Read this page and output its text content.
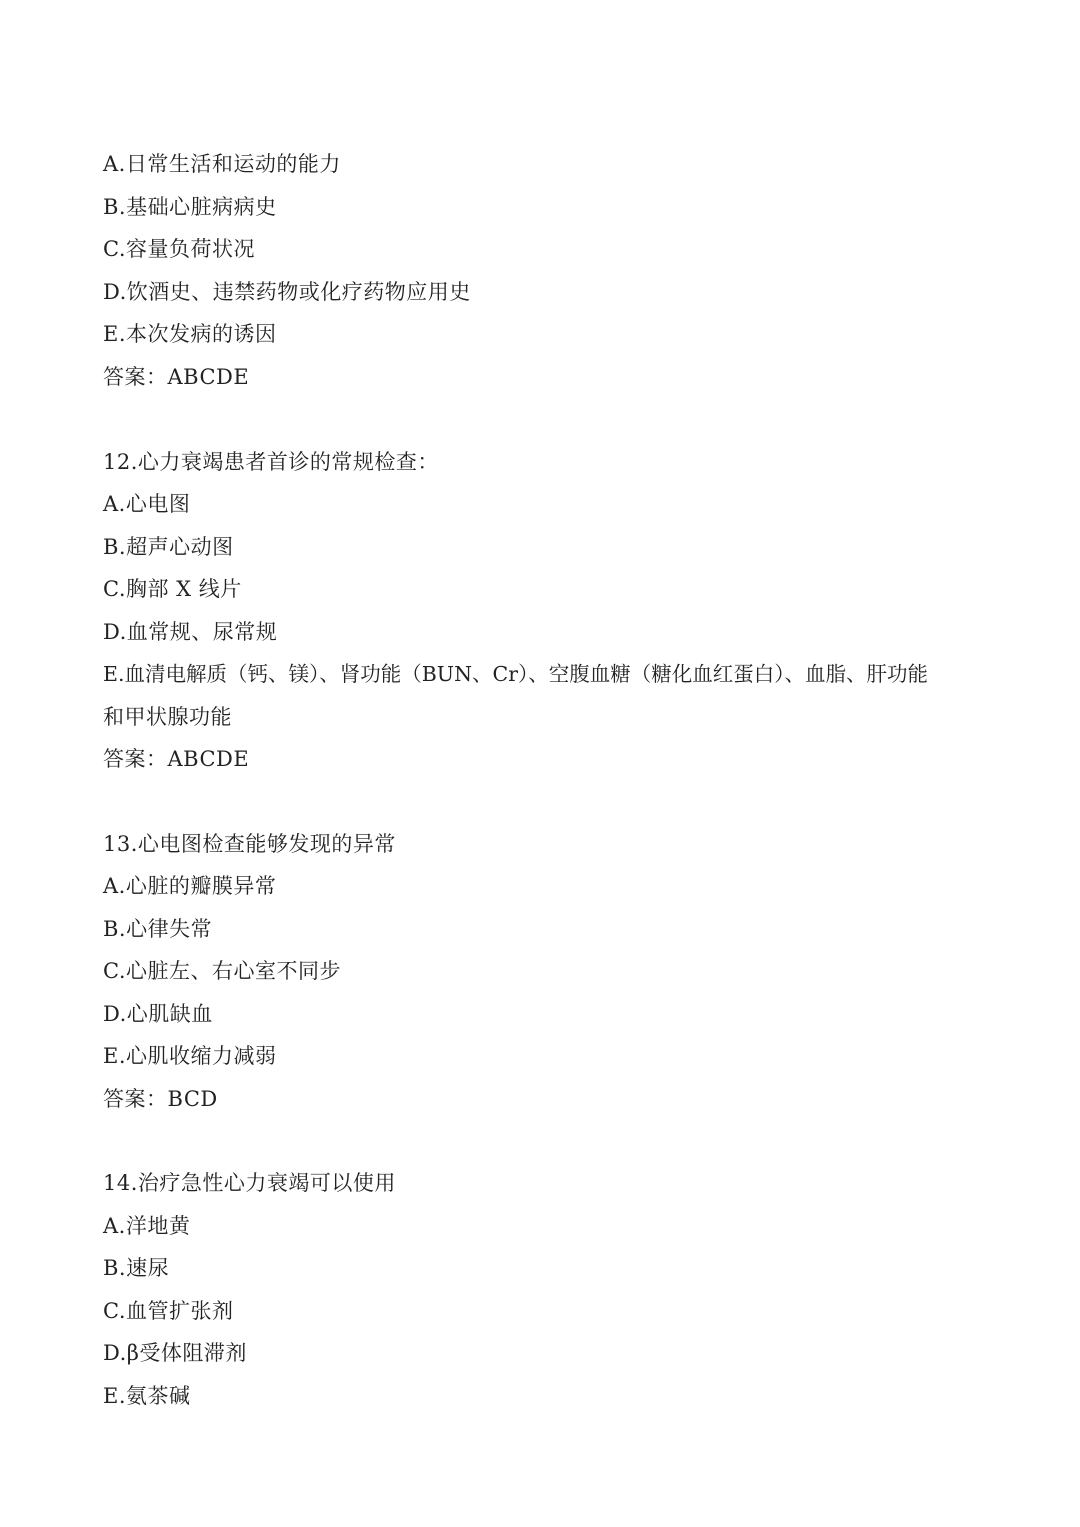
A.日常生活和运动的能力
B.基础心脏病病史
C.容量负荷状况
D.饮酒史、违禁药物或化疗药物应用史
E.本次发病的诱因
答案：ABCDE
12.心力衰竭患者首诊的常规检查：
A.心电图
B.超声心动图
C.胸部 X 线片
D.血常规、尿常规
E.血清电解质（钙、镁）、肾功能（BUN、Cr）、空腹血糖（糖化血红蛋白）、血脂、肝功能
和甲状腺功能
答案：ABCDE
13.心电图检查能够发现的异常
A.心脏的瓣膜异常
B.心律失常
C.心脏左、右心室不同步
D.心肌缺血
E.心肌收缩力减弱
答案：BCD
14.治疗急性心力衰竭可以使用
A.洋地黄
B.速尿
C.血管扩张剂
D.β受体阻滞剂
E.氨茶碱
